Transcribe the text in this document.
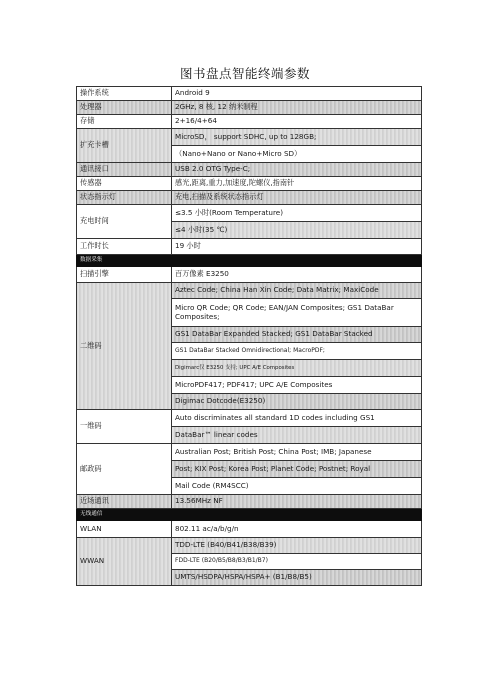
图书盘点智能终端参数
操作系统	Android 9
处理器	2GHz, 8 核, 12 纳米制程
存储	2+16/4+64
扩充卡槽	MicroSD， support SDHC, up to 128GB;
	（Nano+Nano or Nano+Micro SD）
通讯接口	USB 2.0 OTG Type-C;
传感器	感光,距离,重力,加速度,陀螺仪,指南针
状态指示灯	充电,扫描及系统状态指示灯
充电时间	≤3.5 小时(Room Temperature)
	≤4 小时(35 ℃)
工作时长	19 小时
数据采集	
扫描引擎	百万像素 E3250
二维码	Aztec Code; China Han Xin Code; Data Matrix; MaxiCode
	Micro QR Code; QR Code; EAN/JAN Composites; GS1 DataBar Composites;
	GS1 DataBar Expanded Stacked; GS1 DataBar Stacked
	GS1 DataBar Stacked Omnidirectional; MacroPDF;
	Digimarc仅 E3250 支持; UPC A/E Composites
	MicroPDF417; PDF417; UPC A/E Composites
	Digimac Dotcode(E3250)
一维码	Auto discriminates all standard 1D codes including GS1
	DataBar™ linear codes
邮政码	Australian Post; British Post; China Post; IMB; Japanese
	Post; KIX Post; Korea Post; Planet Code; Postnet; Royal
	Mail Code (RM4SCC)
近场通讯	13.56MHz NF
无线通信	
WLAN	802.11 ac/a/b/g/n
WWAN	TDD-LTE (B40/B41/B38/B39)
	FDD-LTE (B20/B5/B8/B3/B1/B7)
	UMTS/HSDPA/HSPA/HSPA+ (B1/B8/B5)
